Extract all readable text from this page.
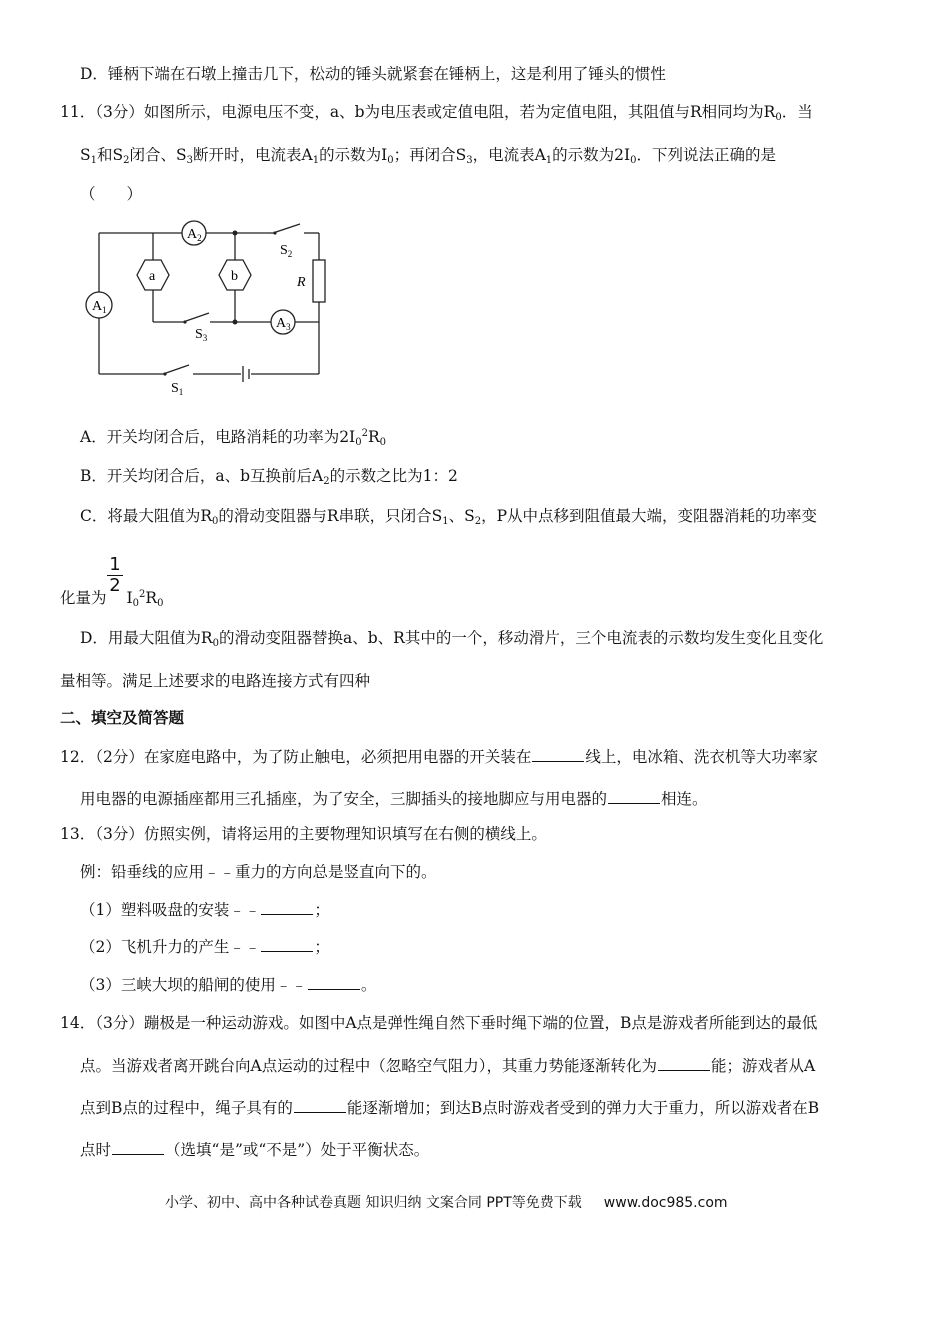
D．锤柄下端在石墩上撞击几下，松动的锤头就紧套在锤柄上，这是利用了锤头的惯性
11．（3分）如图所示，电源电压不变，a、b为电压表或定值电阻，若为定值电阻，其阻值与R相同均为$R_0$．当
$S_1$和$S_2$闭合、$S_3$断开时，电流表$A_1$的示数为$I_0$；再闭合$S_3$，电流表$A_1$的示数为$2I_0$．下列说法正确的是
（　　）
$A_1$
$A_2$
$A_3$
a	b	R
$S_2$
$S_3$
$S_1$
A．开关均闭合后，电路消耗的功率为$2I_0^2R_0$
B．开关均闭合后，a、b互换前后$A_2$的示数之比为1：2
C．将最大阻值为$R_0$的滑动变阻器与R串联，只闭合$S_1$、$S_2$，P从中点移到阻值最大端，变阻器消耗的功率变
1
2
化量为 $I_0^2R_0$
D．用最大阻值为$R_0$的滑动变阻器替换a、b、R其中的一个，移动滑片，三个电流表的示数均发生变化且变化
量相等。满足上述要求的电路连接方式有四种
二、填空及简答题
12．（2分）在家庭电路中，为了防止触电，必须把用电器的开关装在	线上，电冰箱、洗衣机等大功率家
用电器的电源插座都用三孔插座，为了安全，三脚插头的接地脚应与用电器的	相连。
13．（3分）仿照实例，请将运用的主要物理知识填写在右侧的横线上。
例：铅垂线的应用﹣﹣重力的方向总是竖直向下的。
（1）塑料吸盘的安装﹣﹣	；
（2）飞机升力的产生﹣﹣	；
（3）三峡大坝的船闸的使用﹣﹣	。
14．（3分）蹦极是一种运动游戏。如图中A点是弹性绳自然下垂时绳下端的位置，B点是游戏者所能到达的最低
点。当游戏者离开跳台向A点运动的过程中（忽略空气阻力），其重力势能逐渐转化为	能；游戏者从A
点到B点的过程中，绳子具有的	能逐渐增加；到达B点时游戏者受到的弹力大于重力，所以游戏者在B
点时	（选填“是”或“不是”）处于平衡状态。
小学、初中、高中各种试卷真题 知识归纳 文案合同 PPT等免费下载 www.doc985.com
